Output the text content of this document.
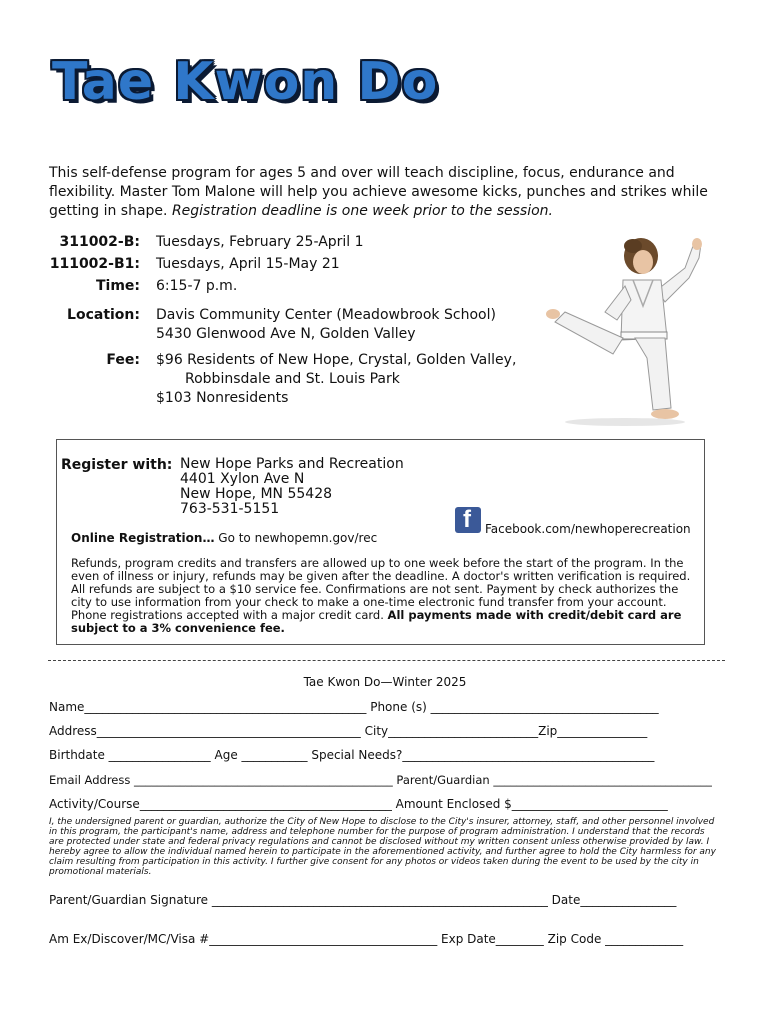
Tae Kwon Do
This self-defense program for ages 5 and over will teach discipline, focus, endurance and flexibility. Master Tom Malone will help you achieve awesome kicks, punches and strikes while getting in shape. Registration deadline is one week prior to the session.
311002-B: Tuesdays, February 25-April 1
111002-B1: Tuesdays, April 15-May 21
Time: 6:15-7 p.m.
Location: Davis Community Center (Meadowbrook School)
5430 Glenwood Ave N, Golden Valley
Fee: $96 Residents of New Hope, Crystal, Golden Valley,
Robbinsdale and St. Louis Park
$103 Nonresidents
Register with: New Hope Parks and Recreation
4401 Xylon Ave N
New Hope, MN 55428
763-531-5151
Online Registration… Go to newhopemn.gov/rec
f Facebook.com/newhoperecreation
Refunds, program credits and transfers are allowed up to one week before the start of the program. In the even of illness or injury, refunds may be given after the deadline. A doctor's written verification is required. All refunds are subject to a $10 service fee. Confirmations are not sent. Payment by check authorizes the city to use information from your check to make a one-time electronic fund transfer from your account. Phone registrations accepted with a major credit card. All payments made with credit/debit card are subject to a 3% convenience fee.
Tae Kwon Do—Winter 2025
Name_______________________________________________ Phone (s) ______________________________________
Address____________________________________________ City_________________________Zip_______________
Birthdate _________________ Age ___________ Special Needs?__________________________________________
Email Address _____________________________________________ Parent/Guardian ______________________________________
Activity/Course__________________________________________ Amount Enclosed $__________________________
I, the undersigned parent or guardian, authorize the City of New Hope to disclose to the City's insurer, attorney, staff, and other personnel involved in this program, the participant's name, address and telephone number for the purpose of program administration. I understand that the records are protected under state and federal privacy regulations and cannot be disclosed without my written consent unless otherwise provided by law. I hereby agree to allow the individual named herein to participate in the aforementioned activity, and further agree to hold the City harmless for any claim resulting from participation in this activity. I further give consent for any photos or videos taken during the event to be used by the city in promotional materials.
Parent/Guardian Signature ________________________________________________________ Date________________
Am Ex/Discover/MC/Visa #______________________________________ Exp Date________ Zip Code _____________
